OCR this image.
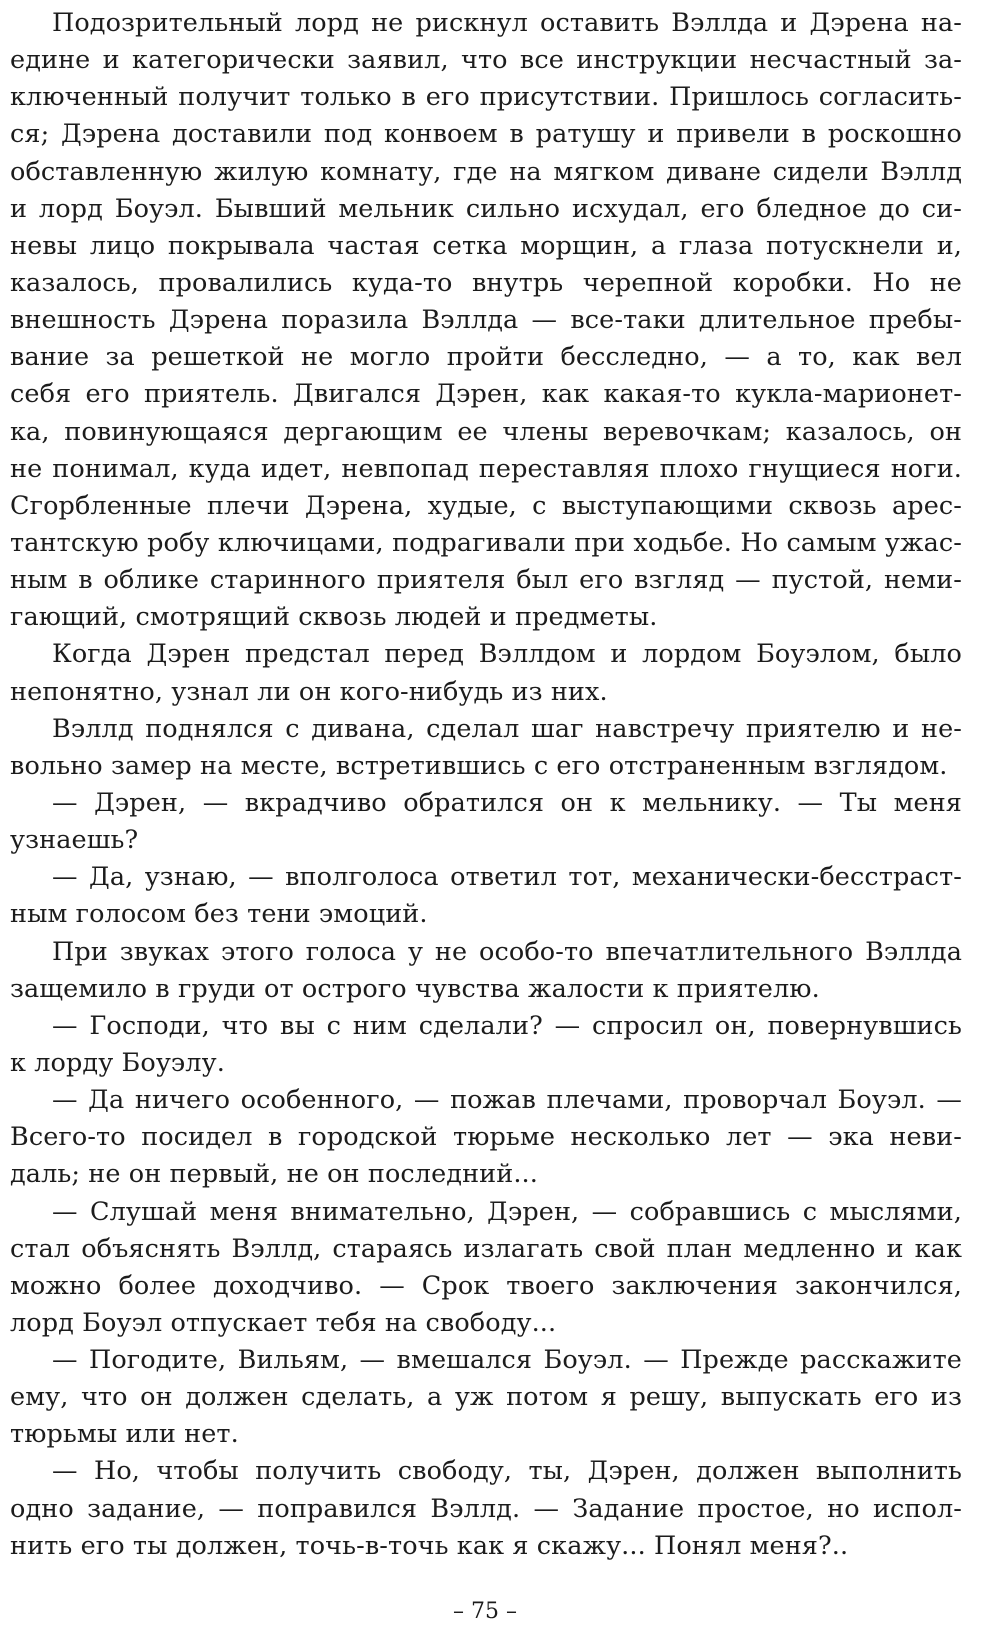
Подозрительный лорд не рискнул оставить Вэллда и Дэрена на-
едине и категорически заявил, что все инструкции несчастный за-
ключенный получит только в его присутствии. Пришлось согласить-
ся; Дэрена доставили под конвоем в ратушу и привели в роскошно
обставленную жилую комнату, где на мягком диване сидели Вэллд
и лорд Боуэл. Бывший мельник сильно исхудал, его бледное до си-
невы лицо покрывала частая сетка морщин, а глаза потускнели и,
казалось, провалились куда-то внутрь черепной коробки. Но не
внешность Дэрена поразила Вэллда — все-таки длительное пребы-
вание за решеткой не могло пройти бесследно, — а то, как вел
себя его приятель. Двигался Дэрен, как какая-то кукла-марионет-
ка, повинующаяся дергающим ее члены веревочкам; казалось, он
не понимал, куда идет, невпопад переставляя плохо гнущиеся ноги.
Сгорбленные плечи Дэрена, худые, с выступающими сквозь арес-
тантскую робу ключицами, подрагивали при ходьбе. Но самым ужас-
ным в облике старинного приятеля был его взгляд — пустой, неми-
гающий, смотрящий сквозь людей и предметы.
Когда Дэрен предстал перед Вэллдом и лордом Боуэлом, было
непонятно, узнал ли он кого-нибудь из них.
Вэллд поднялся с дивана, сделал шаг навстречу приятелю и не-
вольно замер на месте, встретившись с его отстраненным взглядом.
— Дэрен, — вкрадчиво обратился он к мельнику. — Ты меня
узнаешь?
— Да, узнаю, — вполголоса ответил тот, механически-бесстраст-
ным голосом без тени эмоций.
При звуках этого голоса у не особо-то впечатлительного Вэллда
защемило в груди от острого чувства жалости к приятелю.
— Господи, что вы с ним сделали? — спросил он, повернувшись
к лорду Боуэлу.
— Да ничего особенного, — пожав плечами, проворчал Боуэл. —
Всего-то посидел в городской тюрьме несколько лет — эка неви-
даль; не он первый, не он последний...
— Слушай меня внимательно, Дэрен, — собравшись с мыслями,
стал объяснять Вэллд, стараясь излагать свой план медленно и как
можно более доходчиво. — Срок твоего заключения закончился,
лорд Боуэл отпускает тебя на свободу...
— Погодите, Вильям, — вмешался Боуэл. — Прежде расскажите
ему, что он должен сделать, а уж потом я решу, выпускать его из
тюрьмы или нет.
— Но, чтобы получить свободу, ты, Дэрен, должен выполнить
одно задание, — поправился Вэллд. — Задание простое, но испол-
нить его ты должен, точь-в-точь как я скажу... Понял меня?..
– 75 –
